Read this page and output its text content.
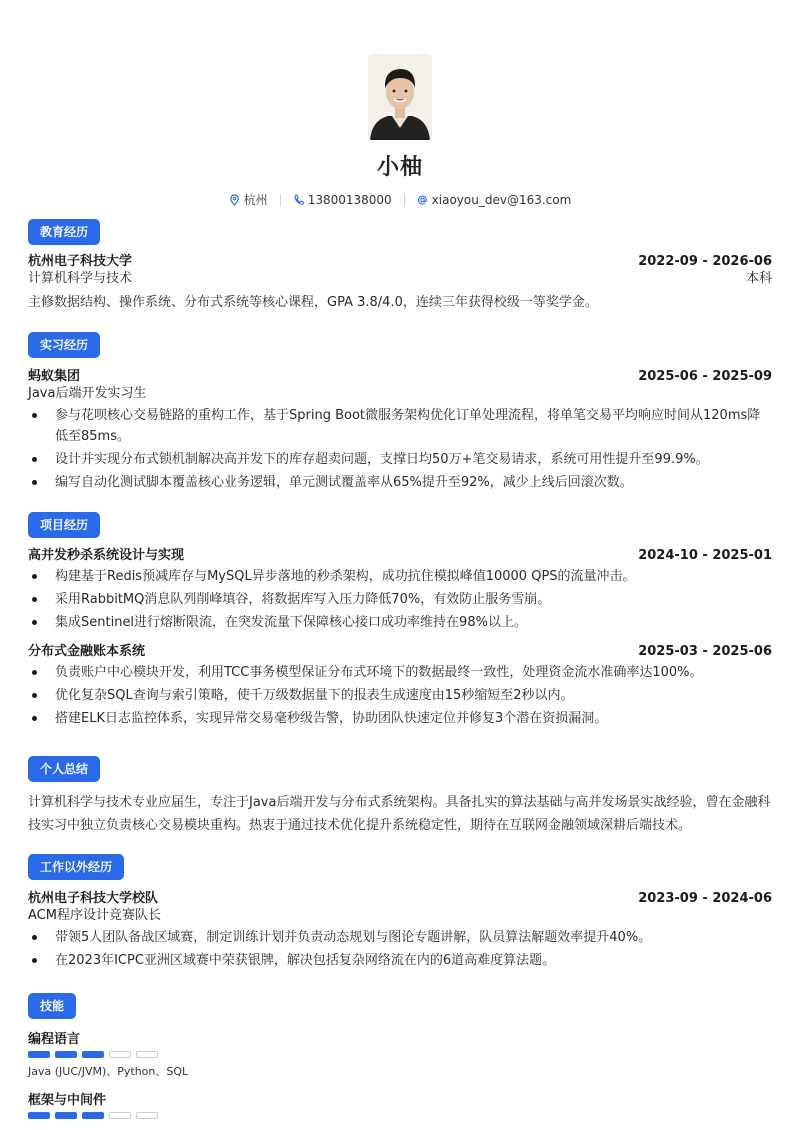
小柚
杭州	13800138000	xiaoyou_dev@163.com
教育经历
杭州电子科技大学	2022-09 - 2026-06
计算机科学与技术	本科
主修数据结构、操作系统、分布式系统等核心课程，GPA 3.8/4.0，连续三年获得校级一等奖学金。
实习经历
蚂蚁集团	2025-06 - 2025-09
Java后端开发实习生
参与花呗核心交易链路的重构工作，基于Spring Boot微服务架构优化订单处理流程，将单笔交易平均响应时间从120ms降低至85ms。
设计并实现分布式锁机制解决高并发下的库存超卖问题，支撑日均50万+笔交易请求，系统可用性提升至99.9%。
编写自动化测试脚本覆盖核心业务逻辑，单元测试覆盖率从65%提升至92%，减少上线后回滚次数。
项目经历
高并发秒杀系统设计与实现	2024-10 - 2025-01
构建基于Redis预减库存与MySQL异步落地的秒杀架构，成功抗住模拟峰值10000 QPS的流量冲击。
采用RabbitMQ消息队列削峰填谷，将数据库写入压力降低70%，有效防止服务雪崩。
集成Sentinel进行熔断限流，在突发流量下保障核心接口成功率维持在98%以上。
分布式金融账本系统	2025-03 - 2025-06
负责账户中心模块开发，利用TCC事务模型保证分布式环境下的数据最终一致性，处理资金流水准确率达100%。
优化复杂SQL查询与索引策略，使千万级数据量下的报表生成速度由15秒缩短至2秒以内。
搭建ELK日志监控体系，实现异常交易毫秒级告警，协助团队快速定位并修复3个潜在资损漏洞。
个人总结
计算机科学与技术专业应届生，专注于Java后端开发与分布式系统架构。具备扎实的算法基础与高并发场景实战经验，曾在金融科技实习中独立负责核心交易模块重构。热衷于通过技术优化提升系统稳定性，期待在互联网金融领域深耕后端技术。
工作以外经历
杭州电子科技大学校队	2023-09 - 2024-06
ACM程序设计竞赛队长
带领5人团队备战区域赛，制定训练计划并负责动态规划与图论专题讲解，队员算法解题效率提升40%。
在2023年ICPC亚洲区域赛中荣获银牌，解决包括复杂网络流在内的6道高难度算法题。
技能
编程语言
Java (JUC/JVM)、Python、SQL
框架与中间件
